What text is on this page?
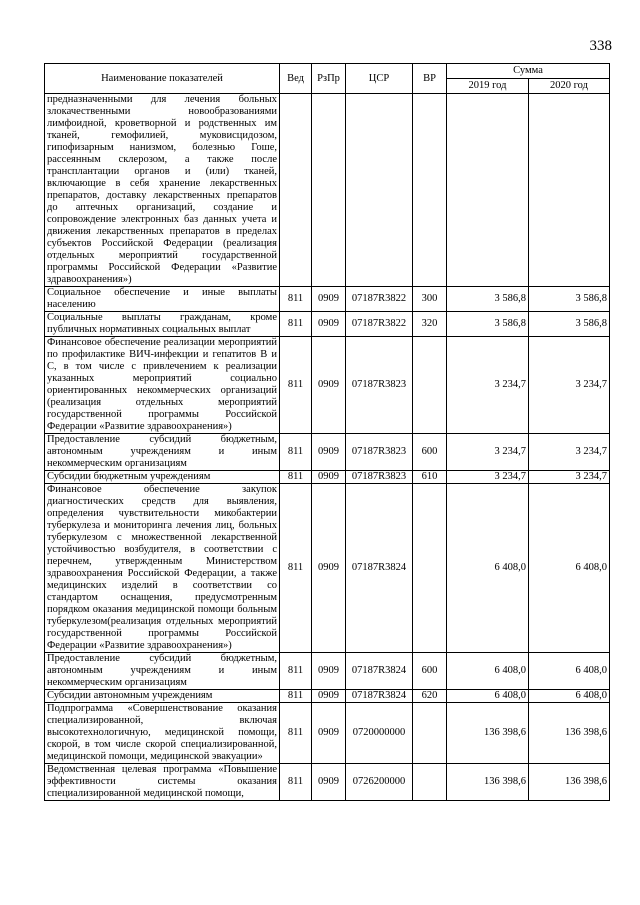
338
Наименование показателей	Вед	РзПр	ЦСР	ВР	Сумма	
					2019 год	2020 год
предназначенными для лечения больных злокачественными новообразованиями лимфоидной, кроветворной и родственных им тканей, гемофилией, муковисцидозом, гипофизарным нанизмом, болезнью Гоше, рассеянным склерозом, а также после трансплантации органов и (или) тканей, включающие в себя хранение лекарственных препаратов, доставку лекарственных препаратов до аптечных организаций, создание и сопровождение электронных баз данных учета и движения лекарственных препаратов в пределах субъектов Российской Федерации (реализация отдельных мероприятий государственной программы Российской Федерации «Развитие здравоохранения»)						
Социальное обеспечение и иные выплаты населению	811	0909	07187R3822	300	3 586,8	3 586,8
Социальные выплаты гражданам, кроме публичных нормативных социальных выплат	811	0909	07187R3822	320	3 586,8	3 586,8
Финансовое обеспечение реализации мероприятий по профилактике ВИЧ-инфекции и гепатитов В и С, в том числе с привлечением к реализации указанных мероприятий социально ориентированных некоммерческих организаций (реализация отдельных мероприятий государственной программы Российской Федерации «Развитие здравоохранения»)	811	0909	07187R3823		3 234,7	3 234,7
Предоставление субсидий бюджетным, автономным учреждениям и иным некоммерческим организациям	811	0909	07187R3823	600	3 234,7	3 234,7
Субсидии бюджетным учреждениям	811	0909	07187R3823	610	3 234,7	3 234,7
Финансовое обеспечение закупок диагностических средств для выявления, определения чувствительности микобактерии туберкулеза и мониторинга лечения лиц, больных туберкулезом с множественной лекарственной устойчивостью возбудителя, в соответствии с перечнем, утвержденным Министерством здравоохранения Российской Федерации, а также медицинских изделий в соответствии со стандартом оснащения, предусмотренным порядком оказания медицинской помощи больным туберкулезом(реализация отдельных мероприятий государственной программы Российской Федерации «Развитие здравоохранения»)	811	0909	07187R3824		6 408,0	6 408,0
Предоставление субсидий бюджетным, автономным учреждениям и иным некоммерческим организациям	811	0909	07187R3824	600	6 408,0	6 408,0
Субсидии автономным учреждениям	811	0909	07187R3824	620	6 408,0	6 408,0
Подпрограмма «Совершенствование оказания специализированной, включая высокотехнологичную, медицинской помощи, скорой, в том числе скорой специализированной, медицинской помощи, медицинской эвакуации»	811	0909	0720000000		136 398,6	136 398,6
Ведомственная целевая программа «Повышение эффективности системы оказания специализированной медицинской помощи,	811	0909	0726200000		136 398,6	136 398,6
